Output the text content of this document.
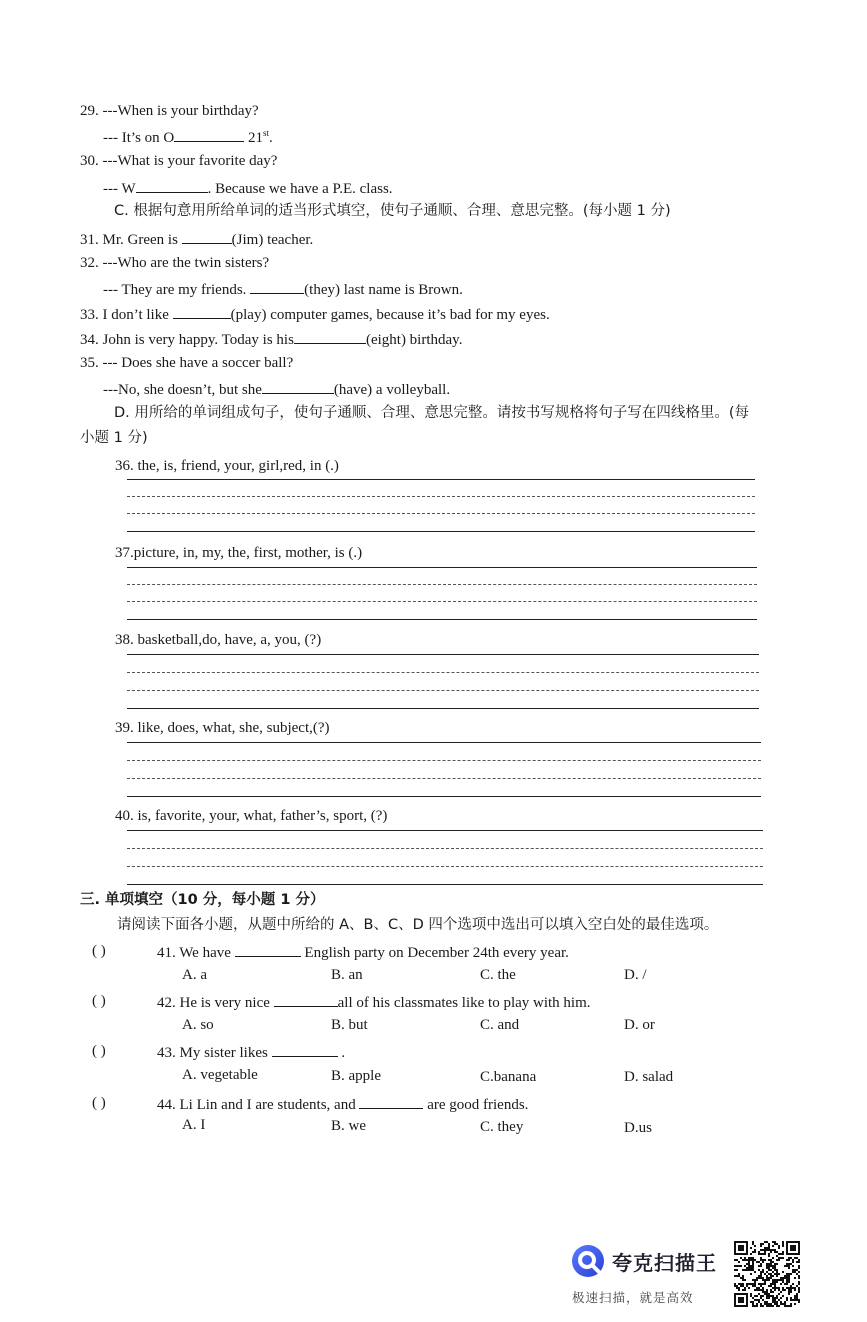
29. ---When is your birthday?
--- It’s on O	21st.
30. ---What is your favorite day?
--- W	. Because we have a P.E. class.
C. 根据句意用所给单词的适当形式填空，使句子通顺、合理、意思完整。(每小题 1 分)
31. Mr. Green is	(Jim) teacher.
32. ---Who are the twin sisters?
--- They are my friends.	(they) last name is Brown.
33. I don’t like	(play) computer games, because it’s bad for my eyes.
34. John is very happy. Today is his	(eight) birthday.
35. --- Does she have a soccer ball?
---No, she doesn’t, but she	(have) a volleyball.
D. 用所给的单词组成句子，使句子通顺、合理、意思完整。请按书写规格将句子写在四线格里。(每
小题 1 分)
36. the, is, friend, your, girl,red, in (.)
37.picture, in, my, the, first, mother, is (.)
38. basketball,do, have, a, you, (?)
39. like, does, what, she, subject,(?)
40. is, favorite, your, what, father’s, sport, (?)
三. 单项填空（10 分，每小题 1 分）
请阅读下面各小题，从题中所给的 A、B、C、D 四个选项中选出可以填入空白处的最佳选项。
( )	41. We have	English party on December 24th every year.
A. a	B. an	C. the	D. /
( )	42. He is very nice	all of his classmates like to play with him.
A. so	B. but	C. and	D. or
( )	43. My sister likes	.
A. vegetable	B. apple	C.banana	D. salad
( )	44. Li Lin and I are students, and	are good friends.
A. I	B. we	C. they	D.us
夸克扫描王
极速扫描，就是高效
